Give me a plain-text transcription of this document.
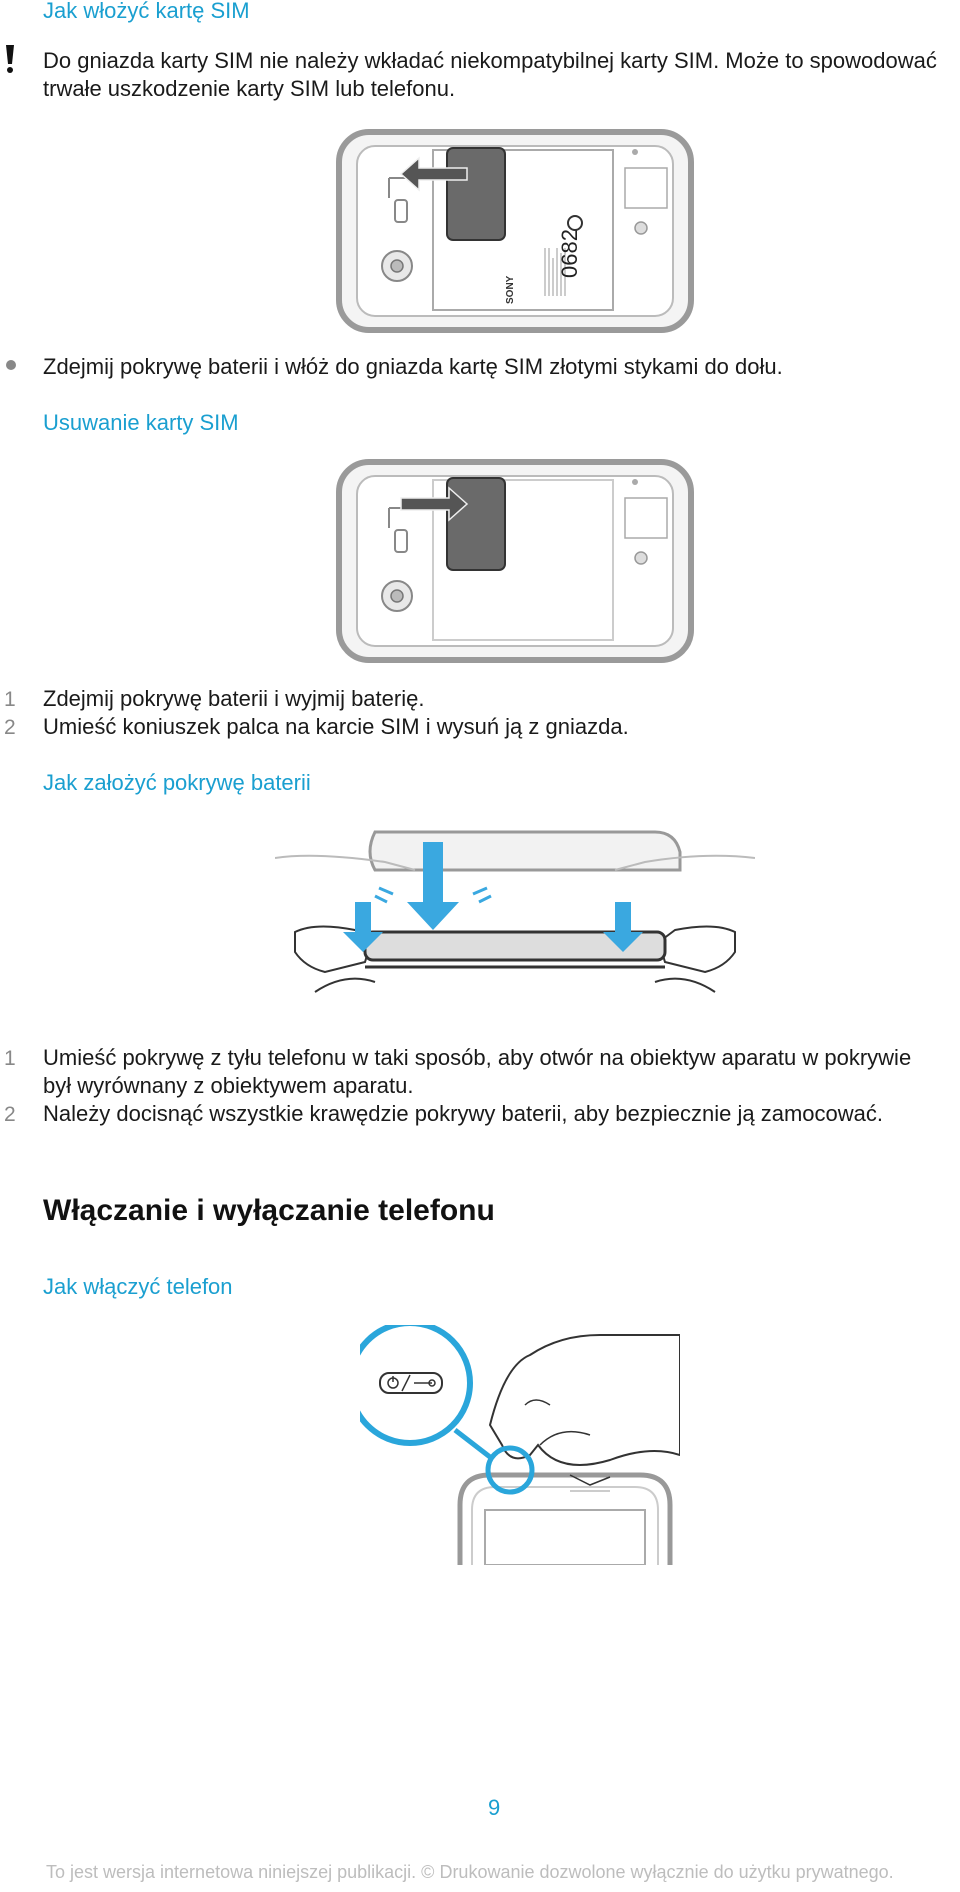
Jak włożyć kartę SIM
Do gniazda karty SIM nie należy wkładać niekompatybilnej karty SIM. Może to spowodować trwałe uszkodzenie karty SIM lub telefonu.
0682
SONY
Zdejmij pokrywę baterii i włóż do gniazda kartę SIM złotymi stykami do dołu.
Usuwanie karty SIM
1 Zdejmij pokrywę baterii i wyjmij baterię.
2 Umieść koniuszek palca na karcie SIM i wysuń ją z gniazda.
Jak założyć pokrywę baterii
1 Umieść pokrywę z tyłu telefonu w taki sposób, aby otwór na obiektyw aparatu w pokrywie był wyrównany z obiektywem aparatu.
2 Należy docisnąć wszystkie krawędzie pokrywy baterii, aby bezpiecznie ją zamocować.
Włączanie i wyłączanie telefonu
Jak włączyć telefon
9
To jest wersja internetowa niniejszej publikacji. © Drukowanie dozwolone wyłącznie do użytku prywatnego.
